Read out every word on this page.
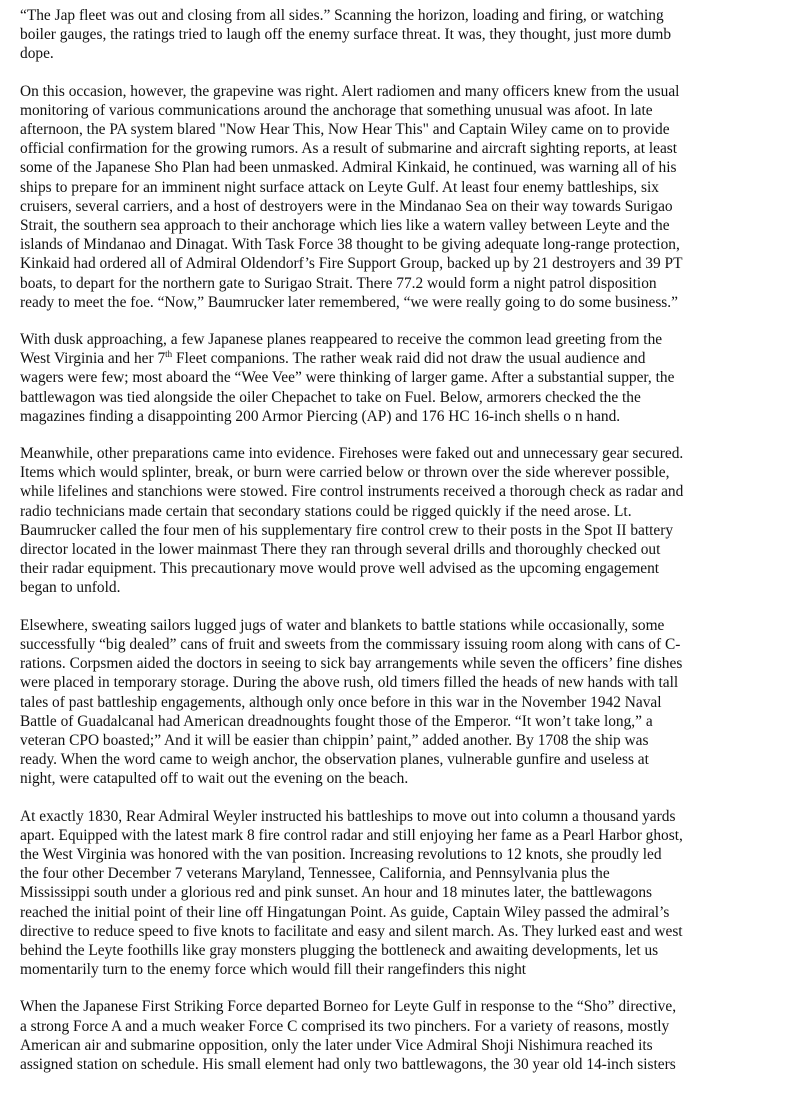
“The Jap fleet was out and closing from all sides.” Scanning the horizon, loading and firing, or watching
boiler gauges, the ratings tried to laugh off the enemy surface threat. It was, they thought, just more dumb
dope.
On this occasion, however, the grapevine was right. Alert radiomen and many officers knew from the usual
monitoring of various communications around the anchorage that something unusual was afoot. In late
afternoon, the PA system blared "Now Hear This, Now Hear This" and Captain Wiley came on to provide
official confirmation for the growing rumors. As a result of submarine and aircraft sighting reports, at least
some of the Japanese Sho Plan had been unmasked. Admiral Kinkaid, he continued, was warning all of his
ships to prepare for an imminent night surface attack on Leyte Gulf. At least four enemy battleships, six
cruisers, several carriers, and a host of destroyers were in the Mindanao Sea on their way towards Surigao
Strait, the southern sea approach to their anchorage which lies like a watern valley between Leyte and the
islands of Mindanao and Dinagat. With Task Force 38 thought to be giving adequate long-range protection,
Kinkaid had ordered all of Admiral Oldendorf’s Fire Support Group, backed up by 21 destroyers and 39 PT
boats, to depart for the northern gate to Surigao Strait. There 77.2 would form a night patrol disposition
ready to meet the foe. “Now,” Baumrucker later remembered, “we were really going to do some business.”
With dusk approaching, a few Japanese planes reappeared to receive the common lead greeting from the
West Virginia and her 7th Fleet companions. The rather weak raid did not draw the usual audience and
wagers were few; most aboard the “Wee Vee” were thinking of larger game. After a substantial supper, the
battlewagon was tied alongside the oiler Chepachet to take on Fuel. Below, armorers checked the the
magazines finding a disappointing 200 Armor Piercing (AP) and 176 HC 16-inch shells o n hand.
Meanwhile, other preparations came into evidence. Firehoses were faked out and unnecessary gear secured.
Items which would splinter, break, or burn were carried below or thrown over the side wherever possible,
while lifelines and stanchions were stowed. Fire control instruments received a thorough check as radar and
radio technicians made certain that secondary stations could be rigged quickly if the need arose. Lt.
Baumrucker called the four men of his supplementary fire control crew to their posts in the Spot II battery
director located in the lower mainmast There they ran through several drills and thoroughly checked out
their radar equipment. This precautionary move would prove well advised as the upcoming engagement
began to unfold.
Elsewhere, sweating sailors lugged jugs of water and blankets to battle stations while occasionally, some
successfully “big dealed” cans of fruit and sweets from the commissary issuing room along with cans of C-
rations. Corpsmen aided the doctors in seeing to sick bay arrangements while seven the officers’ fine dishes
were placed in temporary storage. During the above rush, old timers filled the heads of new hands with tall
tales of past battleship engagements, although only once before in this war in the November 1942 Naval
Battle of Guadalcanal had American dreadnoughts fought those of the Emperor. “It won’t take long,” a
veteran CPO boasted;” And it will be easier than chippin’ paint,” added another. By 1708 the ship was
ready. When the word came to weigh anchor, the observation planes, vulnerable gunfire and useless at
night, were catapulted off to wait out the evening on the beach.
At exactly 1830, Rear Admiral Weyler instructed his battleships to move out into column a thousand yards
apart. Equipped with the latest mark 8 fire control radar and still enjoying her fame as a Pearl Harbor ghost,
the West Virginia was honored with the van position. Increasing revolutions to 12 knots, she proudly led
the four other December 7 veterans Maryland, Tennessee, California, and Pennsylvania plus the
Mississippi south under a glorious red and pink sunset. An hour and 18 minutes later, the battlewagons
reached the initial point of their line off Hingatungan Point. As guide, Captain Wiley passed the admiral’s
directive to reduce speed to five knots to facilitate and easy and silent march. As. They lurked east and west
behind the Leyte foothills like gray monsters plugging the bottleneck and awaiting developments, let us
momentarily turn to the enemy force which would fill their rangefinders this night
When the Japanese First Striking Force departed Borneo for Leyte Gulf in response to the “Sho” directive,
a strong Force A and a much weaker Force C comprised its two pinchers. For a variety of reasons, mostly
American air and submarine opposition, only the later under Vice Admiral Shoji Nishimura reached its
assigned station on schedule. His small element had only two battlewagons, the 30 year old 14-inch sisters
